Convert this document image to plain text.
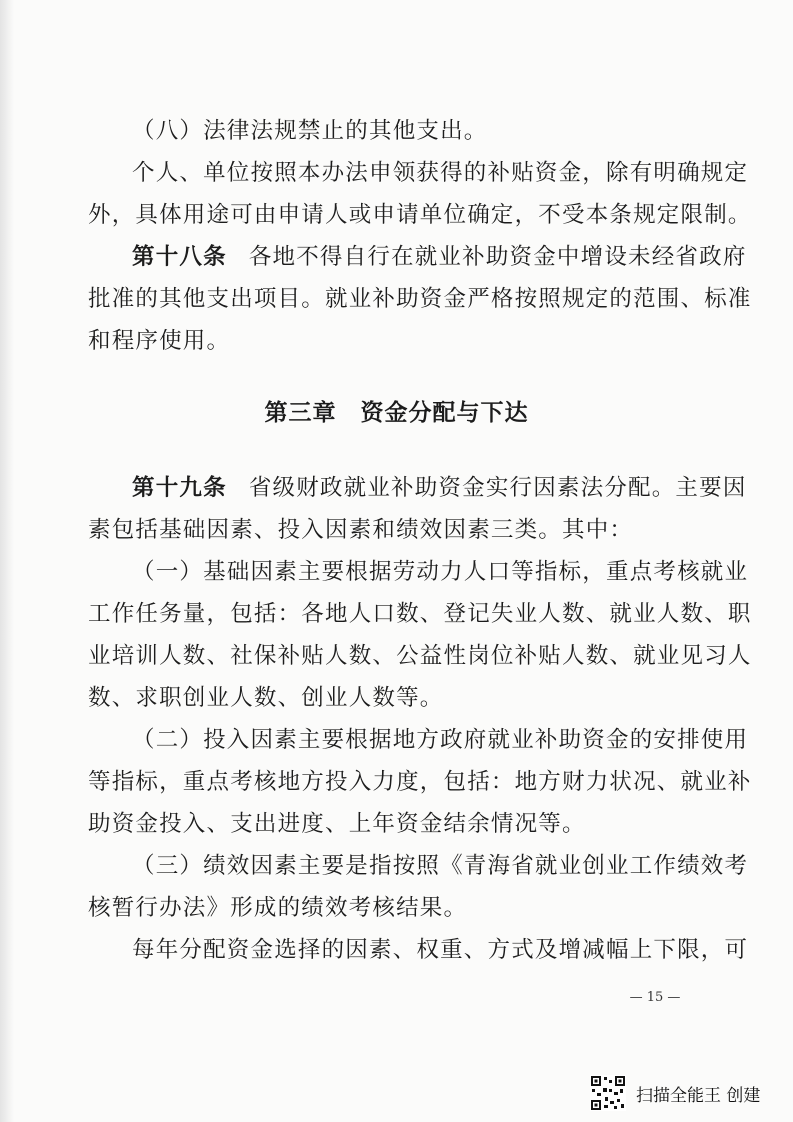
（八）法律法规禁止的其他支出。
个人、单位按照本办法申领获得的补贴资金，除有明确规定
外，具体用途可由申请人或申请单位确定，不受本条规定限制。
第十八条 各地不得自行在就业补助资金中增设未经省政府
批准的其他支出项目。就业补助资金严格按照规定的范围、标准
和程序使用。
第三章　资金分配与下达
第十九条 省级财政就业补助资金实行因素法分配。主要因
素包括基础因素、投入因素和绩效因素三类。其中：
（一）基础因素主要根据劳动力人口等指标，重点考核就业
工作任务量，包括：各地人口数、登记失业人数、就业人数、职
业培训人数、社保补贴人数、公益性岗位补贴人数、就业见习人
数、求职创业人数、创业人数等。
（二）投入因素主要根据地方政府就业补助资金的安排使用
等指标，重点考核地方投入力度，包括：地方财力状况、就业补
助资金投入、支出进度、上年资金结余情况等。
（三）绩效因素主要是指按照《青海省就业创业工作绩效考
核暂行办法》形成的绩效考核结果。
每年分配资金选择的因素、权重、方式及增减幅上下限，可
— 15 —
扫描全能王 创建
